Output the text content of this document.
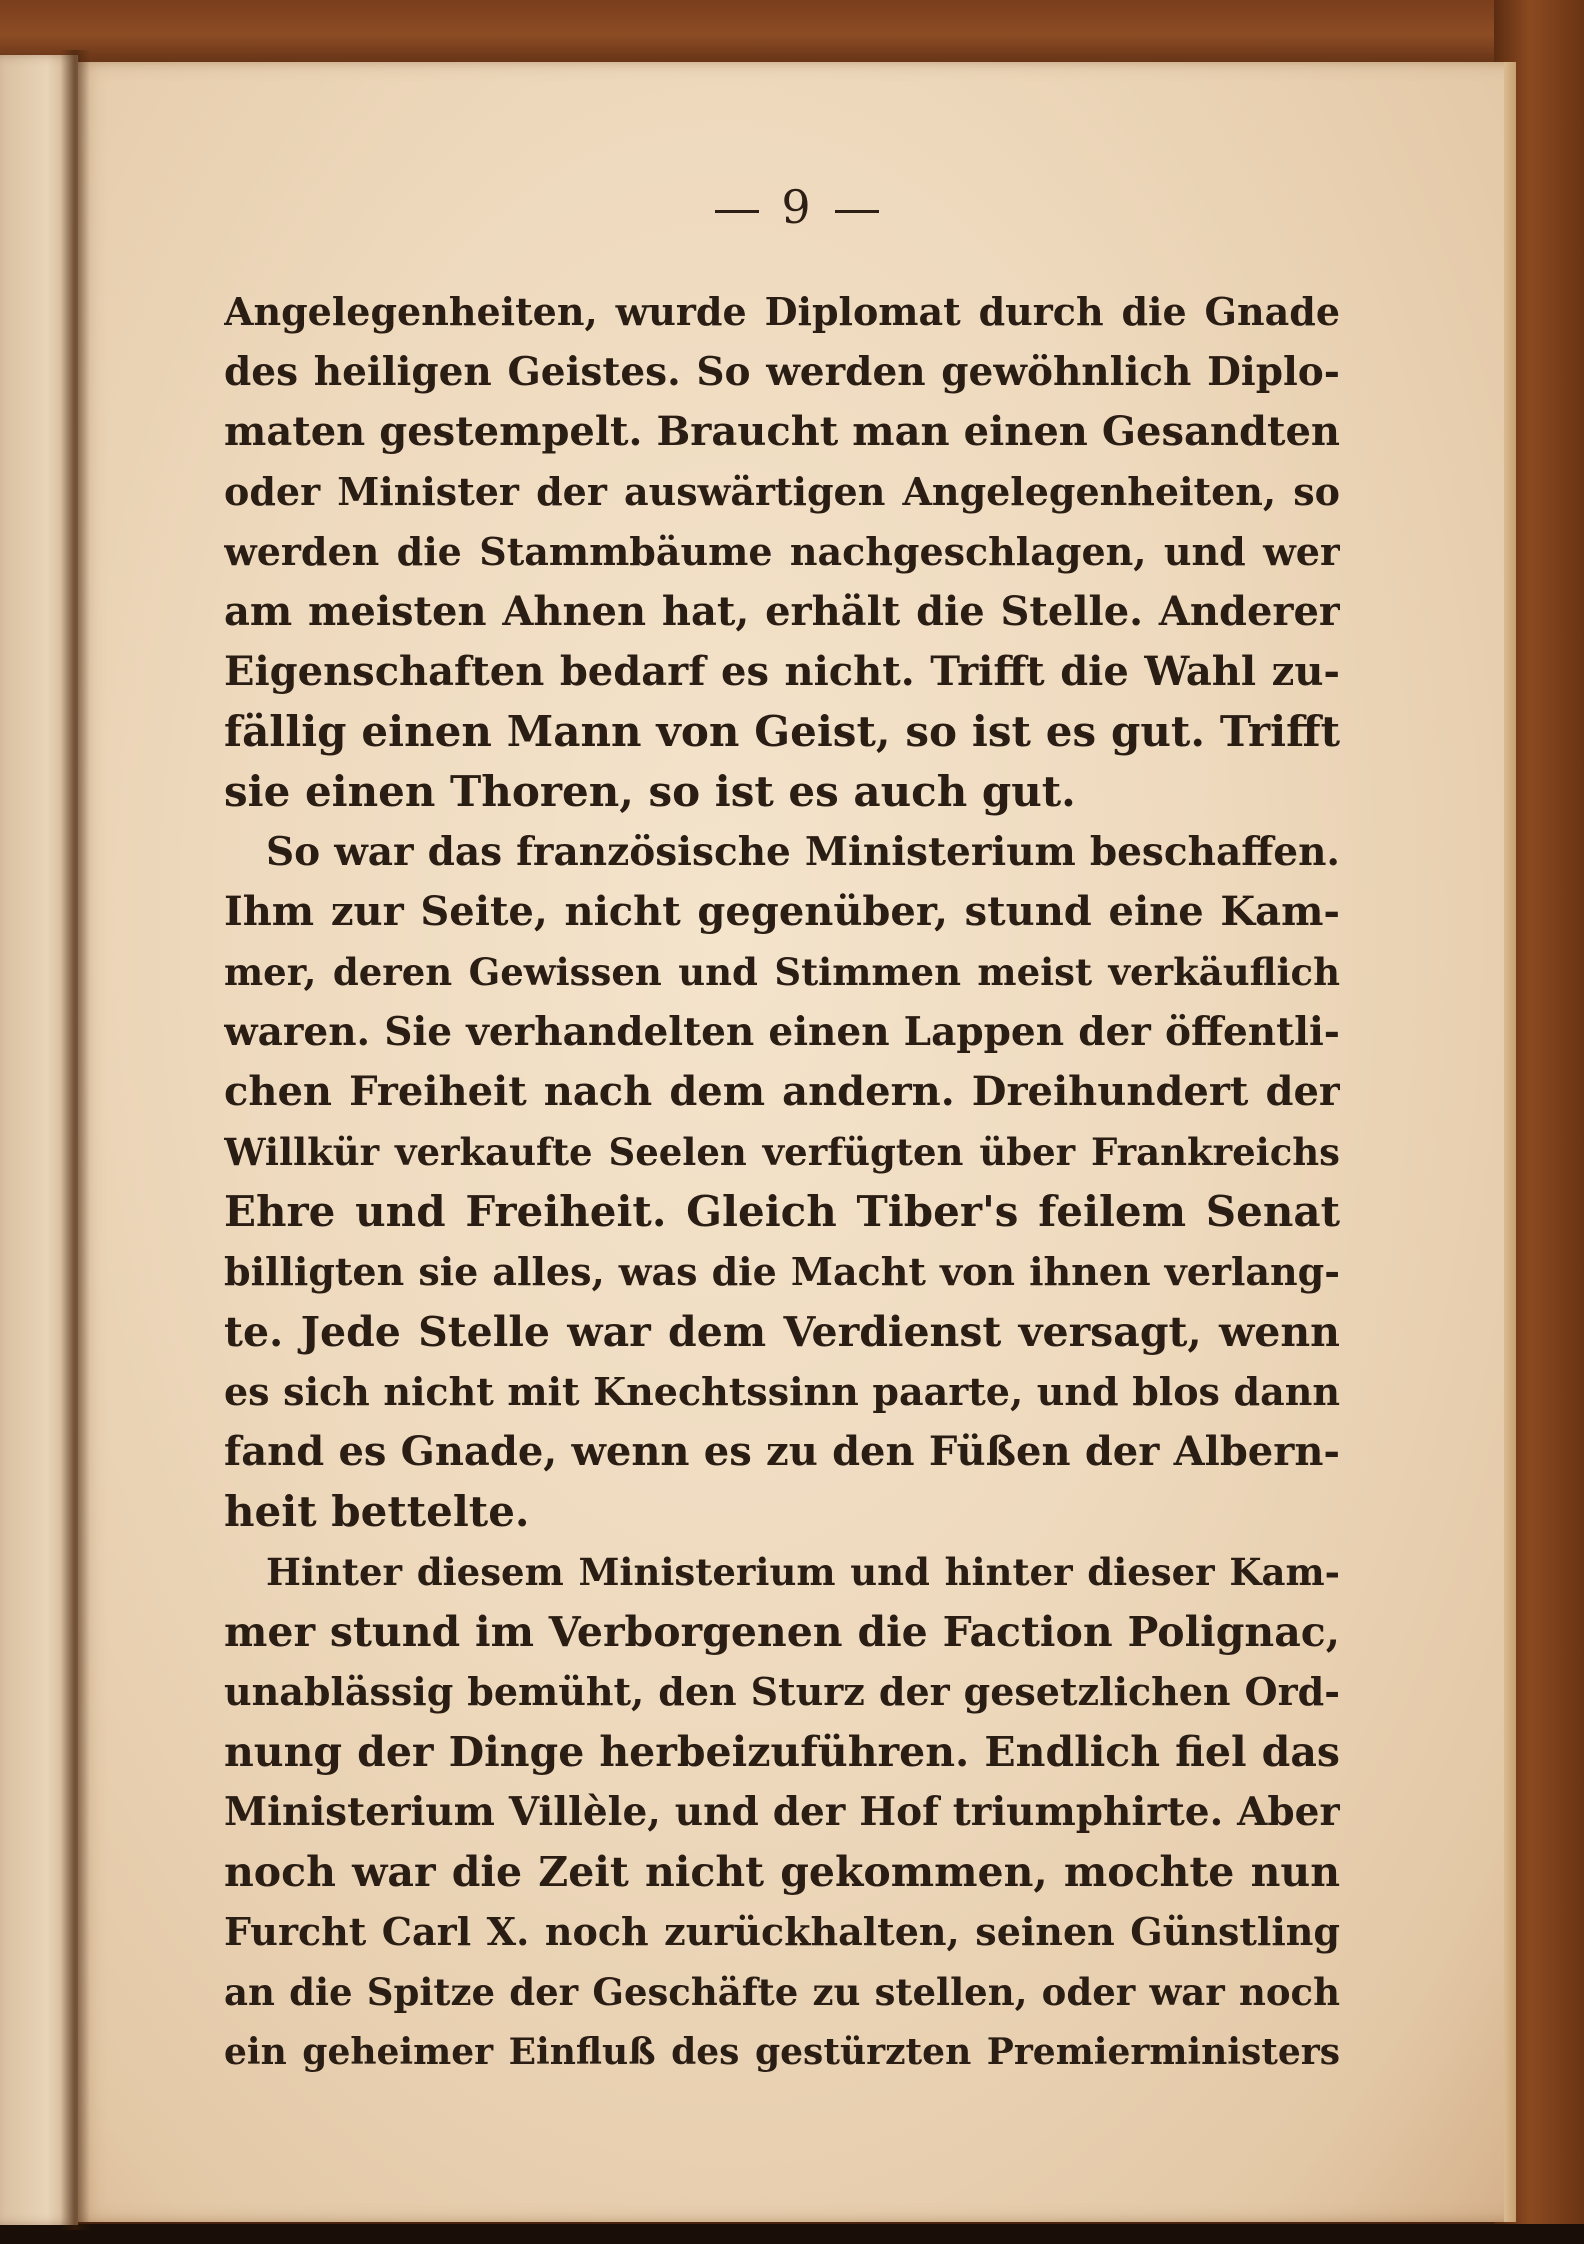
9
Angelegenheiten, wurde Diplomat durch die Gnade
des heiligen Geistes. So werden gewöhnlich Diplo-
maten gestempelt. Braucht man einen Gesandten
oder Minister der auswärtigen Angelegenheiten, so
werden die Stammbäume nachgeschlagen, und wer
am meisten Ahnen hat, erhält die Stelle. Anderer
Eigenschaften bedarf es nicht. Trifft die Wahl zu-
fällig einen Mann von Geist, so ist es gut. Trifft
sie einen Thoren, so ist es auch gut.
So war das französische Ministerium beschaffen.
Ihm zur Seite, nicht gegenüber, stund eine Kam-
mer, deren Gewissen und Stimmen meist verkäuflich
waren. Sie verhandelten einen Lappen der öffentli-
chen Freiheit nach dem andern. Dreihundert der
Willkür verkaufte Seelen verfügten über Frankreichs
Ehre und Freiheit. Gleich Tiber's feilem Senat
billigten sie alles, was die Macht von ihnen verlang-
te. Jede Stelle war dem Verdienst versagt, wenn
es sich nicht mit Knechtssinn paarte, und blos dann
fand es Gnade, wenn es zu den Füßen der Albern-
heit bettelte.
Hinter diesem Ministerium und hinter dieser Kam-
mer stund im Verborgenen die Faction Polignac,
unablässig bemüht, den Sturz der gesetzlichen Ord-
nung der Dinge herbeizuführen. Endlich fiel das
Ministerium Villèle, und der Hof triumphirte. Aber
noch war die Zeit nicht gekommen, mochte nun
Furcht Carl X. noch zurückhalten, seinen Günstling
an die Spitze der Geschäfte zu stellen, oder war noch
ein geheimer Einfluß des gestürzten Premierministers
